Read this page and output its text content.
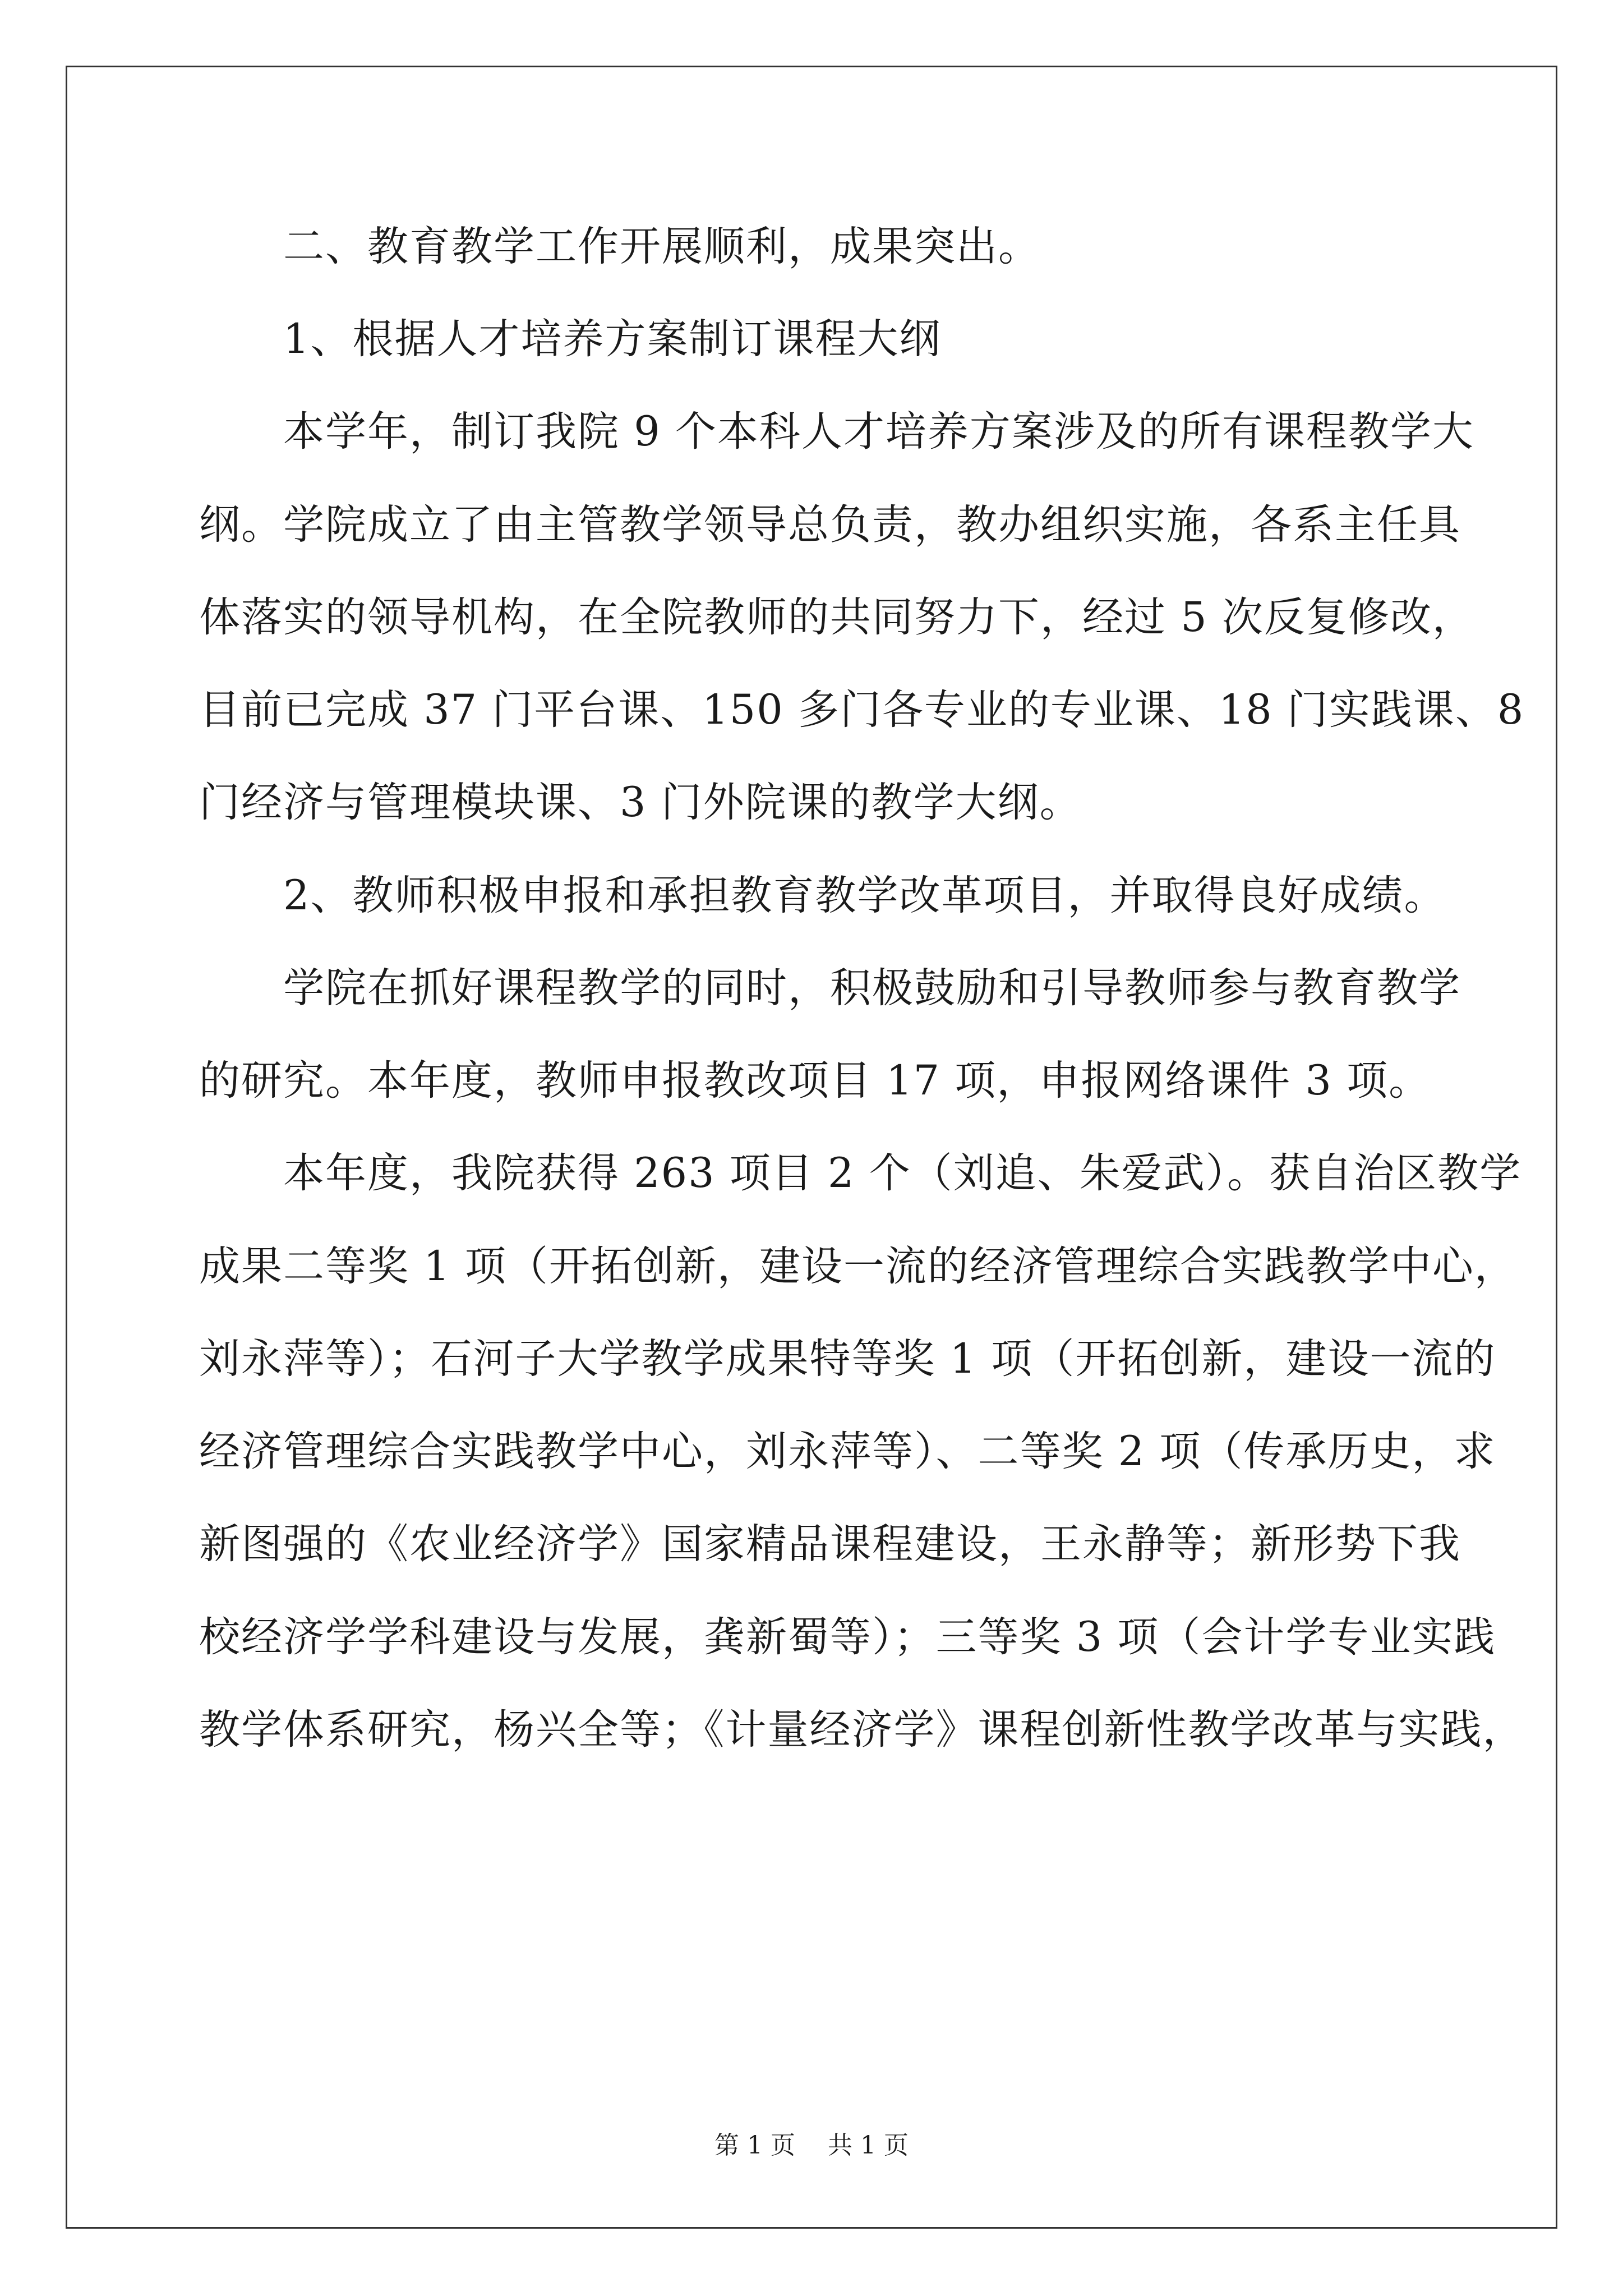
　　二、教育教学工作开展顺利，成果突出。
　　1、根据人才培养方案制订课程大纲
　　本学年，制订我院 9 个本科人才培养方案涉及的所有课程教学大
纲。学院成立了由主管教学领导总负责，教办组织实施，各系主任具
体落实的领导机构，在全院教师的共同努力下，经过 5 次反复修改，
目前已完成 37 门平台课、150 多门各专业的专业课、18 门实践课、8
门经济与管理模块课、3 门外院课的教学大纲。
　　2、教师积极申报和承担教育教学改革项目，并取得良好成绩。
　　学院在抓好课程教学的同时，积极鼓励和引导教师参与教育教学
的研究。本年度，教师申报教改项目 17 项，申报网络课件 3 项。
　　本年度，我院获得 263 项目 2 个（刘追、朱爱武）。获自治区教学
成果二等奖 1 项（开拓创新，建设一流的经济管理综合实践教学中心，
刘永萍等）；石河子大学教学成果特等奖 1 项（开拓创新，建设一流的
经济管理综合实践教学中心，刘永萍等）、二等奖 2 项（传承历史，求
新图强的《农业经济学》国家精品课程建设，王永静等；新形势下我
校经济学学科建设与发展，龚新蜀等）；三等奖 3 项（会计学专业实践
教学体系研究，杨兴全等；《计量经济学》课程创新性教学改革与实践，
第 1 页 共 1 页
